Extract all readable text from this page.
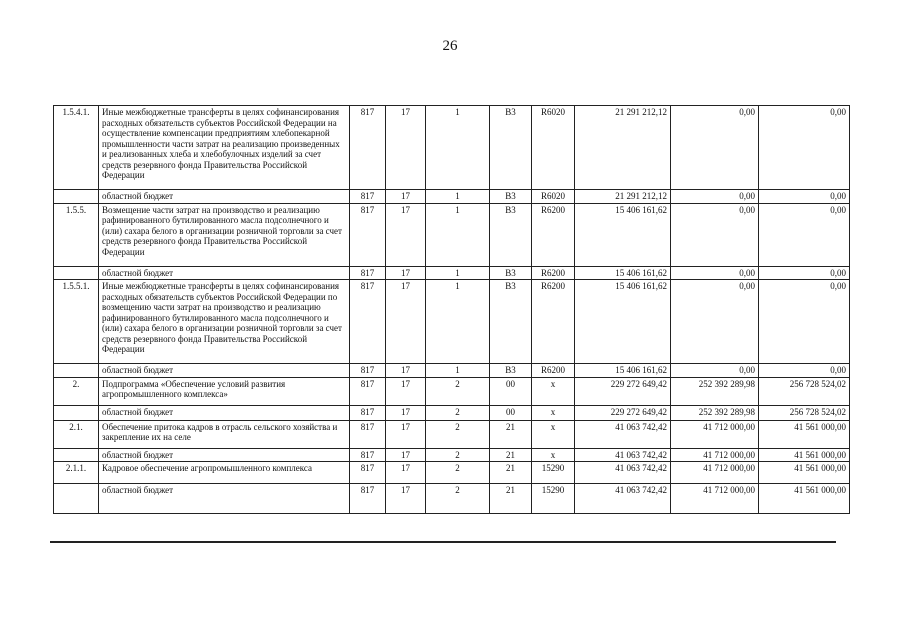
26
1.5.4.1.	Иные межбюджетные трансферты в целях софинансирования расходных обязательств субъектов Российской Федерации на осуществление компенсации предприятиям хлебопекарной промышленности части затрат на реализацию произведенных и реализованных хлеба и хлебобулочных изделий за счет средств резервного фонда Правительства Российской Федерации	817	17	1	В3	R6020	21 291 212,12	0,00	0,00
	областной бюджет	817	17	1	В3	R6020	21 291 212,12	0,00	0,00
1.5.5.	Возмещение части затрат на производство и реализацию рафинированного бутилированного масла подсолнечного и (или) сахара белого в организации розничной торговли за счет средств резервного фонда Правительства Российской Федерации	817	17	1	В3	R6200	15 406 161,62	0,00	0,00
	областной бюджет	817	17	1	В3	R6200	15 406 161,62	0,00	0,00
1.5.5.1.	Иные межбюджетные трансферты в целях софинансирования расходных обязательств субъектов Российской Федерации по возмещению части затрат на производство и реализацию рафинированного бутилированного масла подсолнечного и (или) сахара белого в организации розничной торговли за счет средств резервного фонда Правительства Российской Федерации	817	17	1	В3	R6200	15 406 161,62	0,00	0,00
	областной бюджет	817	17	1	В3	R6200	15 406 161,62	0,00	0,00
2.	Подпрограмма «Обеспечение условий развития агропромышленного комплекса»	817	17	2	00	х	229 272 649,42	252 392 289,98	256 728 524,02
	областной бюджет	817	17	2	00	х	229 272 649,42	252 392 289,98	256 728 524,02
2.1.	Обеспечение притока кадров в отрасль сельского хозяйства и закрепление их на селе	817	17	2	21	х	41 063 742,42	41 712 000,00	41 561 000,00
	областной бюджет	817	17	2	21	х	41 063 742,42	41 712 000,00	41 561 000,00
2.1.1.	Кадровое обеспечение агропромышленного комплекса	817	17	2	21	15290	41 063 742,42	41 712 000,00	41 561 000,00
	областной бюджет	817	17	2	21	15290	41 063 742,42	41 712 000,00	41 561 000,00
